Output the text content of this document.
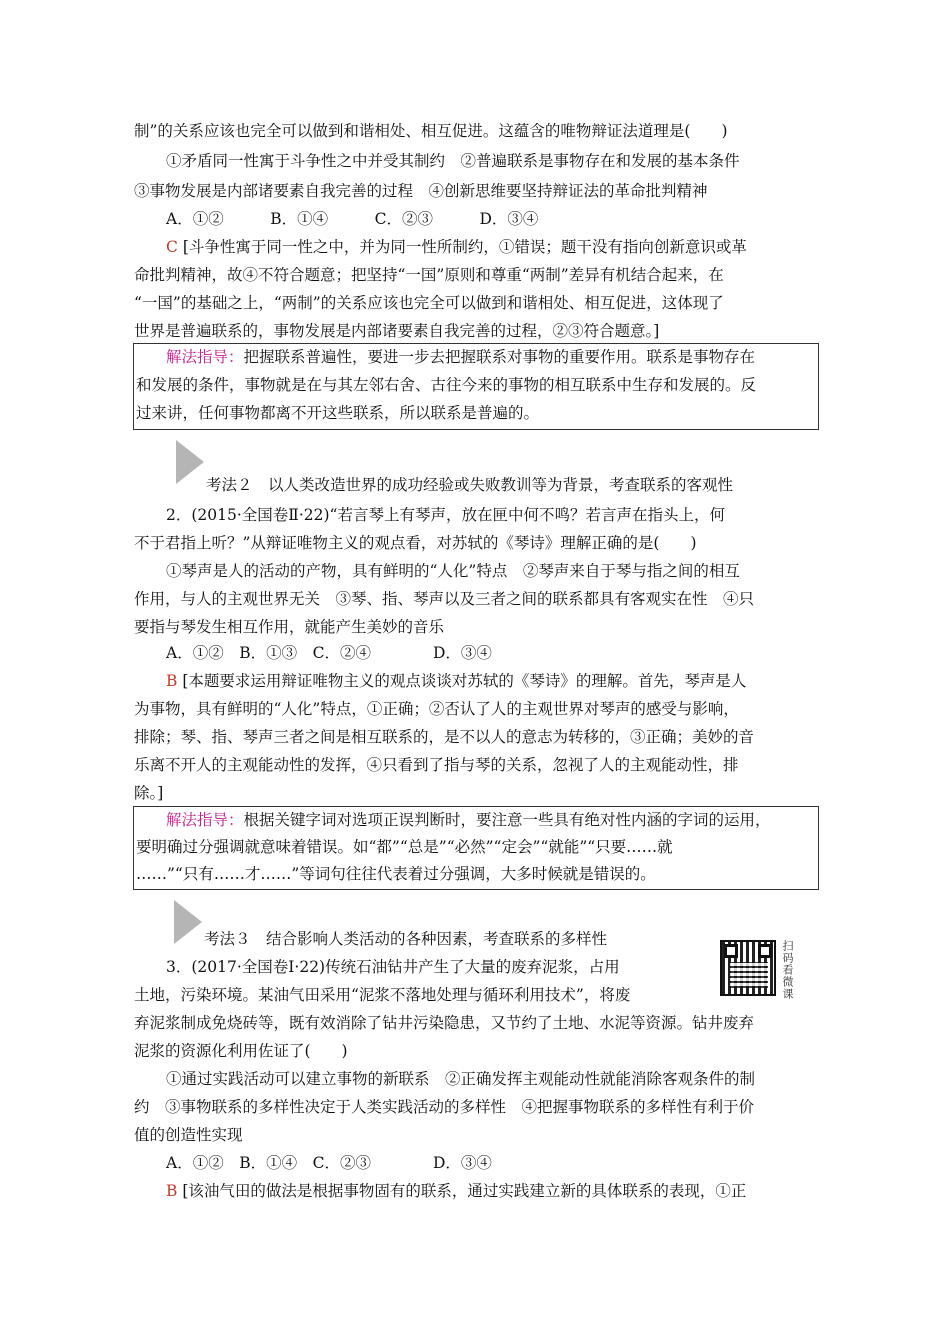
制”的关系应该也完全可以做到和谐相处、相互促进。这蕴含的唯物辩证法道理是(　　)
①矛盾同一性寓于斗争性之中并受其制约　②普遍联系是事物存在和发展的基本条件
③事物发展是内部诸要素自我完善的过程　④创新思维要坚持辩证法的革命批判精神
A．①②　　　B．①④　　　C．②③　　　D．③④
C [斗争性寓于同一性之中，并为同一性所制约，①错误；题干没有指向创新意识或革
命批判精神，故④不符合题意；把坚持“一国”原则和尊重“两制”差异有机结合起来，在
“一国”的基础之上，“两制”的关系应该也完全可以做到和谐相处、相互促进，这体现了
世界是普遍联系的，事物发展是内部诸要素自我完善的过程，②③符合题意。]
解法指导：把握联系普遍性，要进一步去把握联系对事物的重要作用。联系是事物存在
和发展的条件，事物就是在与其左邻右舍、古往今来的事物的相互联系中生存和发展的。反
过来讲，任何事物都离不开这些联系，所以联系是普遍的。
考法２　以人类改造世界的成功经验或失败教训等为背景，考查联系的客观性
2．(2015·全国卷Ⅱ·22)“若言琴上有琴声，放在匣中何不鸣？若言声在指头上，何
不于君指上听？”从辩证唯物主义的观点看，对苏轼的《琴诗》理解正确的是(　　)
①琴声是人的活动的产物，具有鲜明的“人化”特点　②琴声来自于琴与指之间的相互
作用，与人的主观世界无关　③琴、指、琴声以及三者之间的联系都具有客观实在性　④只
要指与琴发生相互作用，就能产生美妙的音乐
A．①②　B．①③　C．②④　　　　D．③④
B [本题要求运用辩证唯物主义的观点谈谈对苏轼的《琴诗》的理解。首先，琴声是人
为事物，具有鲜明的“人化”特点，①正确；②否认了人的主观世界对琴声的感受与影响，
排除；琴、指、琴声三者之间是相互联系的，是不以人的意志为转移的，③正确；美妙的音
乐离不开人的主观能动性的发挥，④只看到了指与琴的关系，忽视了人的主观能动性，排
除。]
解法指导：根据关键字词对选项正误判断时，要注意一些具有绝对性内涵的字词的运用，
要明确过分强调就意味着错误。如“都”“总是”“必然”“定会”“就能”“只要……就
……”“只有……才……”等词句往往代表着过分强调，大多时候就是错误的。
考法３　结合影响人类活动的各种因素，考查联系的多样性
扫码看微课
3．(2017·全国卷Ⅰ·22)传统石油钻井产生了大量的废弃泥浆，占用
土地，污染环境。某油气田采用“泥浆不落地处理与循环利用技术”，将废
弃泥浆制成免烧砖等，既有效消除了钻井污染隐患，又节约了土地、水泥等资源。钻井废弃
泥浆的资源化利用佐证了(　　)
①通过实践活动可以建立事物的新联系　②正确发挥主观能动性就能消除客观条件的制
约　③事物联系的多样性决定于人类实践活动的多样性　④把握事物联系的多样性有利于价
值的创造性实现
A．①②　B．①④　C．②③　　　　D．③④
B [该油气田的做法是根据事物固有的联系，通过实践建立新的具体联系的表现，①正
